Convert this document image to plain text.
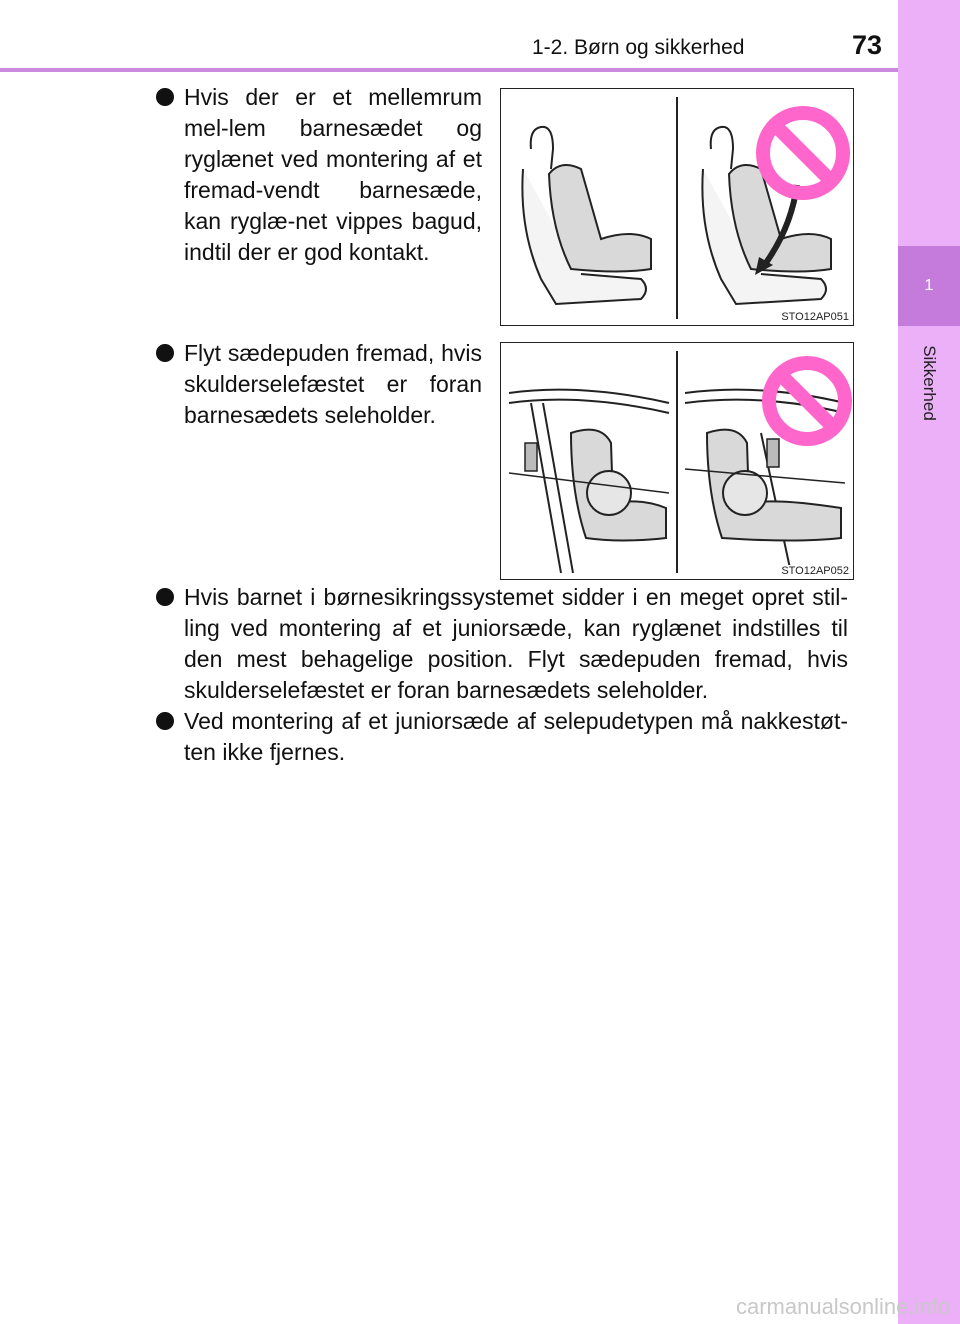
1-2. Børn og sikkerhed	73
1
Sikkerhed
Hvis der er et mellemrum mel-lem barnesædet og ryglænet ved montering af et fremad-vendt barnesæde, kan ryglæ-net vippes bagud, indtil der er god kontakt.
STO12AP051
Flyt sædepuden fremad, hvis skulderselefæstet er foran barnesædets seleholder.
STO12AP052
Hvis barnet i børnesikringssystemet sidder i en meget opret stil-ling ved montering af et juniorsæde, kan ryglænet indstilles til den mest behagelige position. Flyt sædepuden fremad, hvis skulderselefæstet er foran barnesædets seleholder.
Ved montering af et juniorsæde af selepudetypen må nakkestøt-ten ikke fjernes.
carmanualsonline.info
